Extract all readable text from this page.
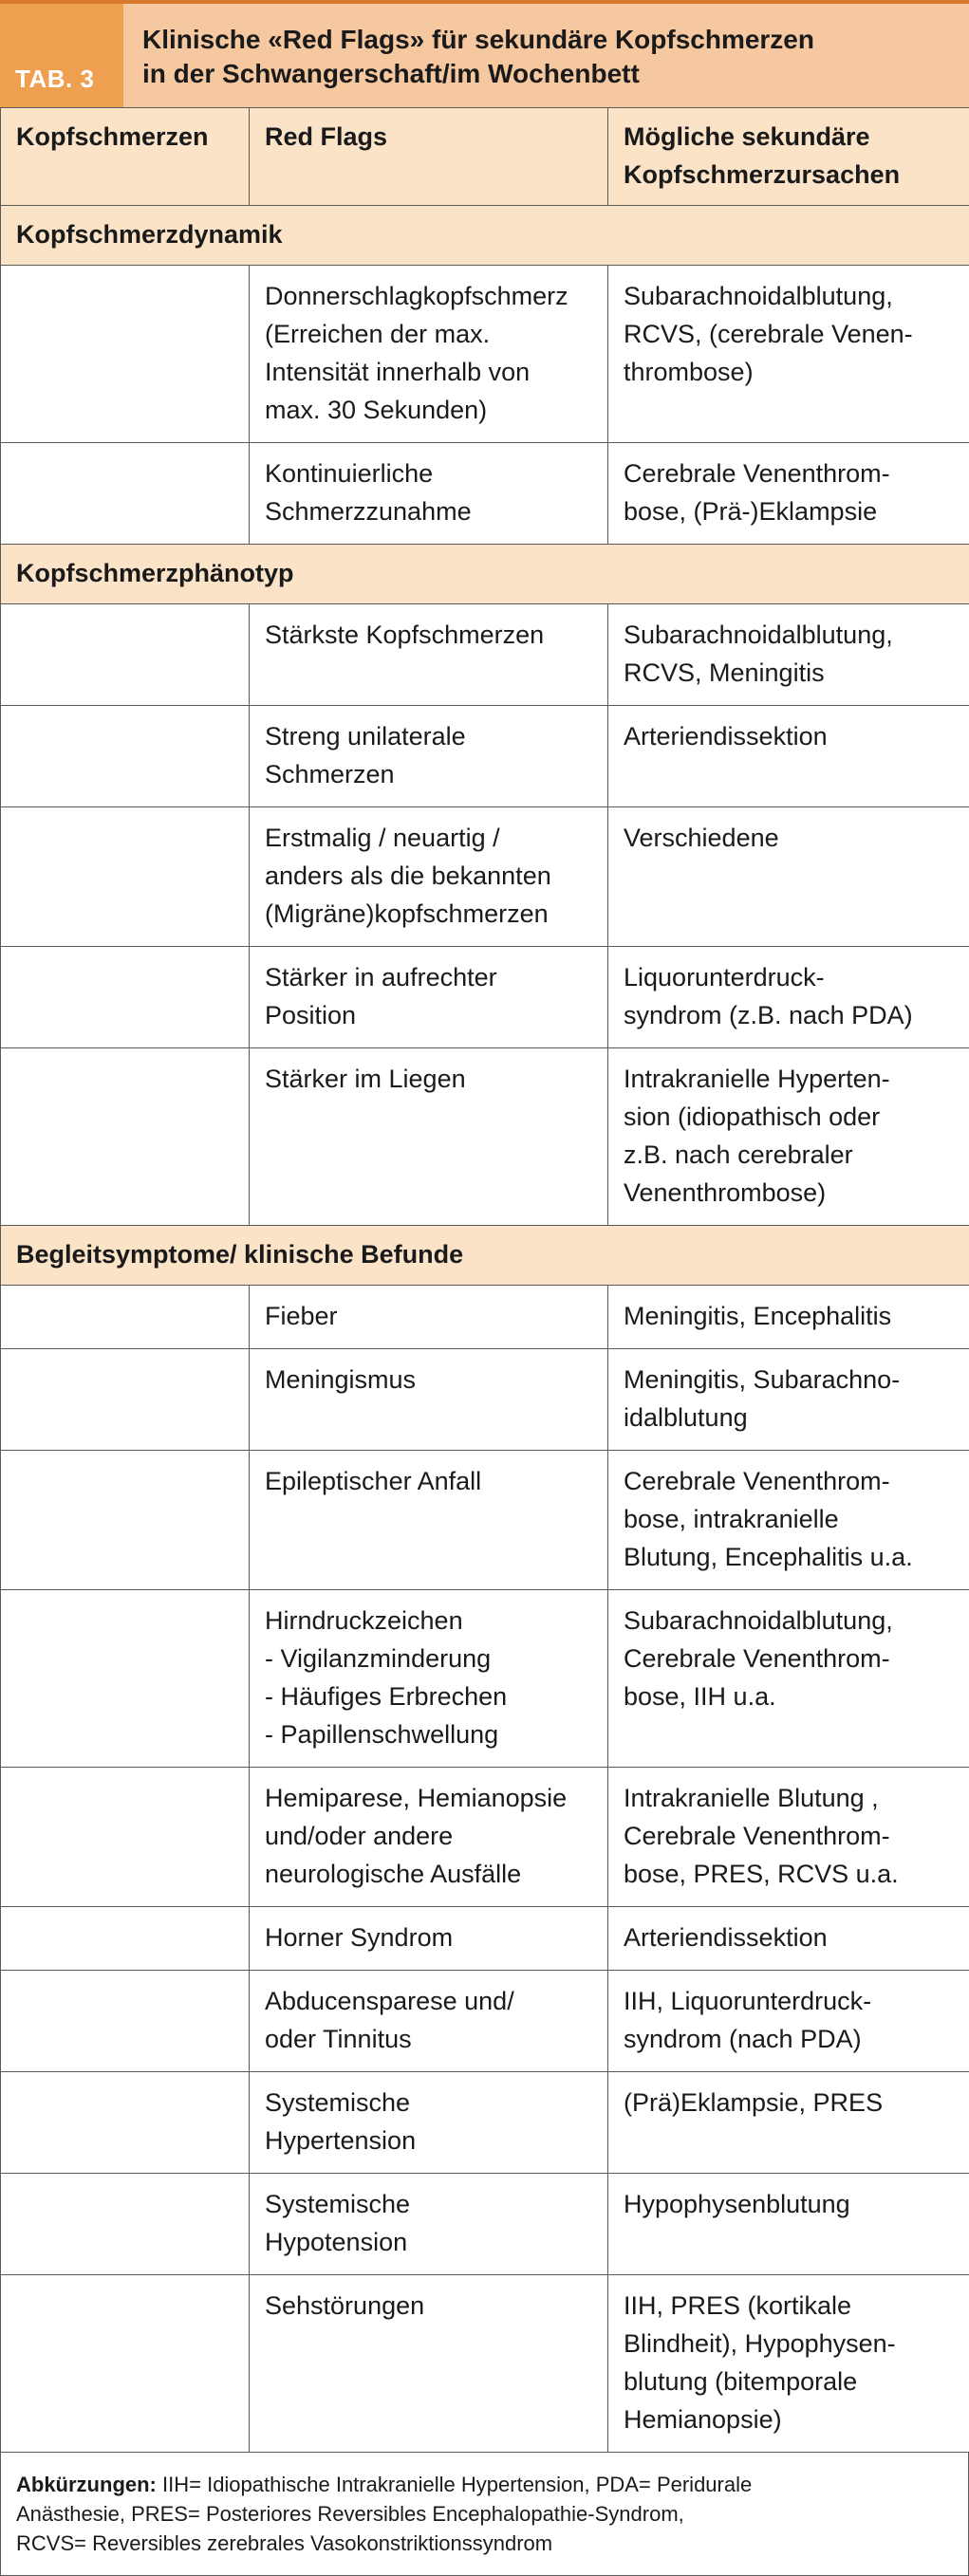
TAB. 3
Klinische «Red Flags» für sekundäre Kopfschmerzen
in der Schwangerschaft/im Wochenbett
Kopfschmerzen	Red Flags	Mögliche sekundäre
Kopfschmerzursachen

Kopfschmerzdynamik		

	Donnerschlagkopfschmerz
(Erreichen der max.
Intensität innerhalb von
max. 30 Sekunden)	Subarachnoidalblutung,
RCVS, (cerebrale Venen-
thrombose)

	Kontinuierliche
Schmerzzunahme	Cerebrale Venenthrom-
bose, (Prä-)Eklampsie

Kopfschmerzphänotyp		

	Stärkste Kopfschmerzen	Subarachnoidalblutung,
RCVS, Meningitis

	Streng unilaterale
Schmerzen	Arteriendissektion

	Erstmalig / neuartig /
anders als die bekannten
(Migräne)kopfschmerzen	Verschiedene

	Stärker in aufrechter
Position	Liquorunterdruck-
syndrom (z.B. nach PDA)

	Stärker im Liegen	Intrakranielle Hyperten-
sion (idiopathisch oder
z.B. nach cerebraler
Venenthrombose)

Begleitsymptome/ klinische Befunde		

	Fieber	Meningitis, Encephalitis

	Meningismus	Meningitis, Subarachno-
idalblutung

	Epileptischer Anfall	Cerebrale Venenthrom-
bose, intrakranielle
Blutung, Encephalitis u.a.

	Hirndruckzeichen
- Vigilanzminderung
- Häufiges Erbrechen
- Papillenschwellung	Subarachnoidalblutung,
Cerebrale Venenthrom-
bose, IIH u.a.

	Hemiparese, Hemianopsie
und/oder andere
neurologische Ausfälle	Intrakranielle Blutung ,
Cerebrale Venenthrom-
bose, PRES, RCVS u.a.

	Horner Syndrom	Arteriendissektion

	Abducensparese und/
oder Tinnitus	IIH, Liquorunterdruck-
syndrom (nach PDA)

	Systemische
Hypertension	(Prä)Eklampsie, PRES

	Systemische
Hypotension	Hypophysenblutung

	Sehstörungen	IIH, PRES (kortikale
Blindheit), Hypophysen-
blutung (bitemporale
Hemianopsie)
Abkürzungen: IIH= Idiopathische Intrakranielle Hypertension, PDA= Peridurale
Anästhesie, PRES= Posteriores Reversibles Encephalopathie-Syndrom,
RCVS= Reversibles zerebrales Vasokonstriktionssyndrom
